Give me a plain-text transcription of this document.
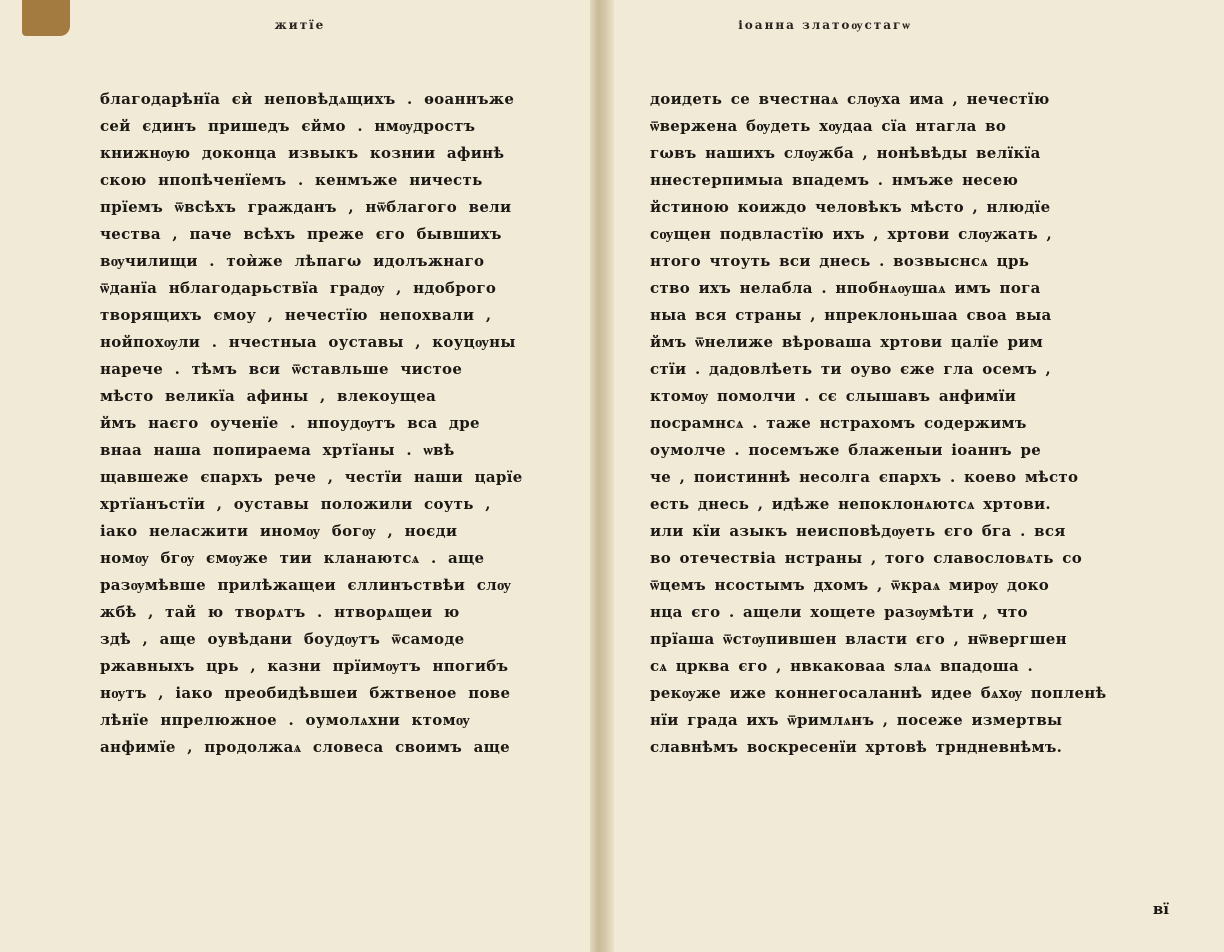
житїе
благодарѣнїа єѝ неповѣдѧщихъ . ѳоаннъже
сей єдинъ пришедъ єймо . нмѹдростъ
книжнѹю доконца извыкъ кознии афинѣ
скою нпопѣченїемъ . кенмъже ничесть
прїемъ ѿвсѣхъ гражданъ , нѿблагого вели
чества , паче всѣхъ преже єго бывшихъ
вѹчилищи . тоѝже лѣпагω идолъжнаго
ѿданїа нблагодарьствїа градѹ , ндоброго
творящихъ ємоу , нечестїю непохвали ,
нойпохѹли . нчестныа оуставы , коуцѹны
нарече . тѣмъ вси ѿставльше чистое
мѣсто великїа афины , влекоущеа
ймъ наєго оученїе . нпоудѹтъ вса дре
внаа наша попираема хртїаны . ѡвѣ
щавшеже єпархъ рече , честїи наши царїе
хртїанъстїи , оуставы положили соуть ,
іако неласжити иномѹ богѹ , ноєди
номѹ бгѹ ємѹже тии кланаютсѧ . аще
разѹмѣвше прилѣжащеи єллинъствѣи слѹ
жбѣ , тай ю творѧтъ . нтворѧщеи ю
здѣ , аще оувѣдани боудѹтъ ѿсамоде
ржавныхъ црь , казни прїимѹтъ нпогибъ
нѹтъ , іако преобидѣвшеи бжтвеное пове
лѣнїе нпрелюжное . оумолѧхни ктомѹ
анфимїе , продолжаѧ словеса своимъ аще
іоанна златоѹстагѡ
доидеть се вчестнаѧ слѹха има , нечестїю
ѿвержена бѹдеть хѹдаа сїа нтагла во
гωвъ нашихъ слѹжба , нонѣвѣды велїкїа
ннестерпимыа впадемъ . нмъже несею
йстиною коиждо человѣкъ мѣсто , нлюдїе
сѹщен подвластїю ихъ , хртови слѹжать ,
нтого чтоуть вси днесь . возвыснсѧ црь
ство ихъ нелабла . нпобнѧѹшаѧ имъ пога
ныа вся страны , нпреклоньшаа своа выа
ймъ ѿнелиже вѣроваша хртови цалїе рим
стїи . дадовлѣеть ти оуво єже гла осемъ ,
ктомѹ помолчи . сє слышавъ анфимїи
посрамнсѧ . таже нстрахомъ содержимъ
оумолче . посемъже блаженыи іоаннъ ре
че , поистиннѣ несолга єпархъ . коево мѣсто
есть днесь , идѣже непоклонѧютсѧ хртови.
или кїи азыкъ неисповѣдѹеть єго бга . вся
во отечествіа нстраны , того славословѧть со
ѿцемъ нсостымъ дхомъ , ѿкраѧ мирѹ доко
нца єго . ащели хощете разѹмѣти , что
прїаша ѿстѹпившен власти єго , нѿвергшен
сѧ црква єго , нвкаковаа ѕлаѧ впадоша .
рекѹже иже коннегосаланнѣ идее бѧхѹ попленѣ
нїи града ихъ ѿримлѧнъ , посеже измертвы
славнѣмъ воскресенїи хртовѣ трндневнѣмъ.
вї
